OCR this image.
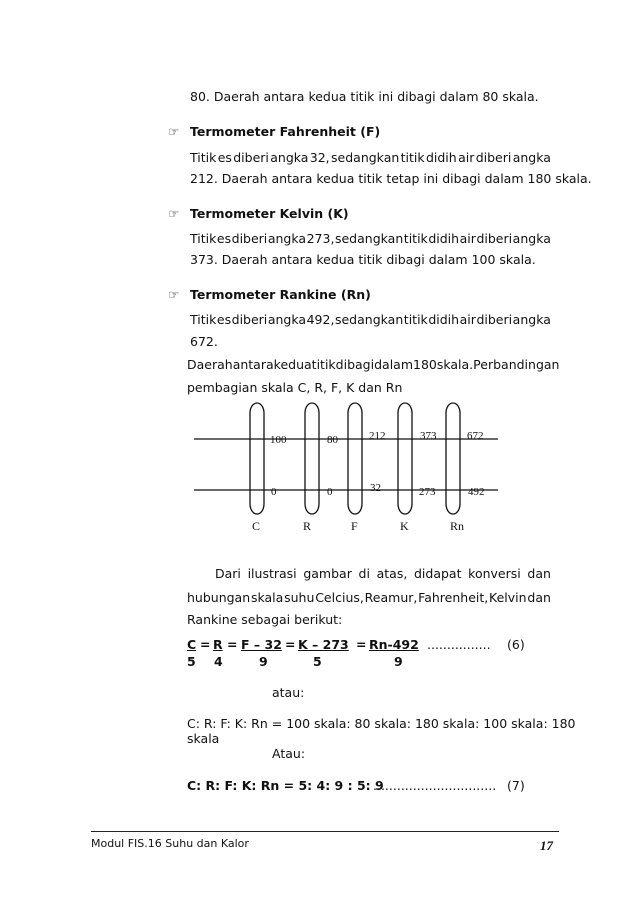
80. Daerah antara kedua titik ini dibagi dalam 80 skala.
☞ Termometer Fahrenheit (F)
Titik es diberi angka 32, sedangkan titik didih air diberi angka
212. Daerah antara kedua titik tetap ini dibagi dalam 180 skala.
☞ Termometer Kelvin (K)
Titik es diberi angka 273, sedangkan titik didih air diberi angka
373. Daerah antara kedua titik dibagi dalam 100 skala.
☞ Termometer Rankine (Rn)
Titik es diberi angka 492, sedangkan titik didih air diberi angka
672.
Daerah antara kedua titik dibagi dalam 180 skala. Perbandingan
pembagian skala C, R, F, K dan Rn
100	80	212	373	672
0	0	32	273	492
C	R	F	K	Rn
Dari ilustrasi gambar di atas, didapat konversi dan
hubungan skala suhu Celcius, Reamur, Fahrenheit, Kelvin dan
Rankine sebagai berikut:
C = R = F – 32 = K – 273 = Rn-492 ................ (6)
5 4	9	5	9
atau:
C: R: F: K: Rn = 100 skala: 80 skala: 180 skala: 100 skala: 180
skala
Atau:
C: R: F: K: Rn = 5: 4: 9 : 5: 9
............................... (7)
Modul FIS.16 Suhu dan Kalor	17
